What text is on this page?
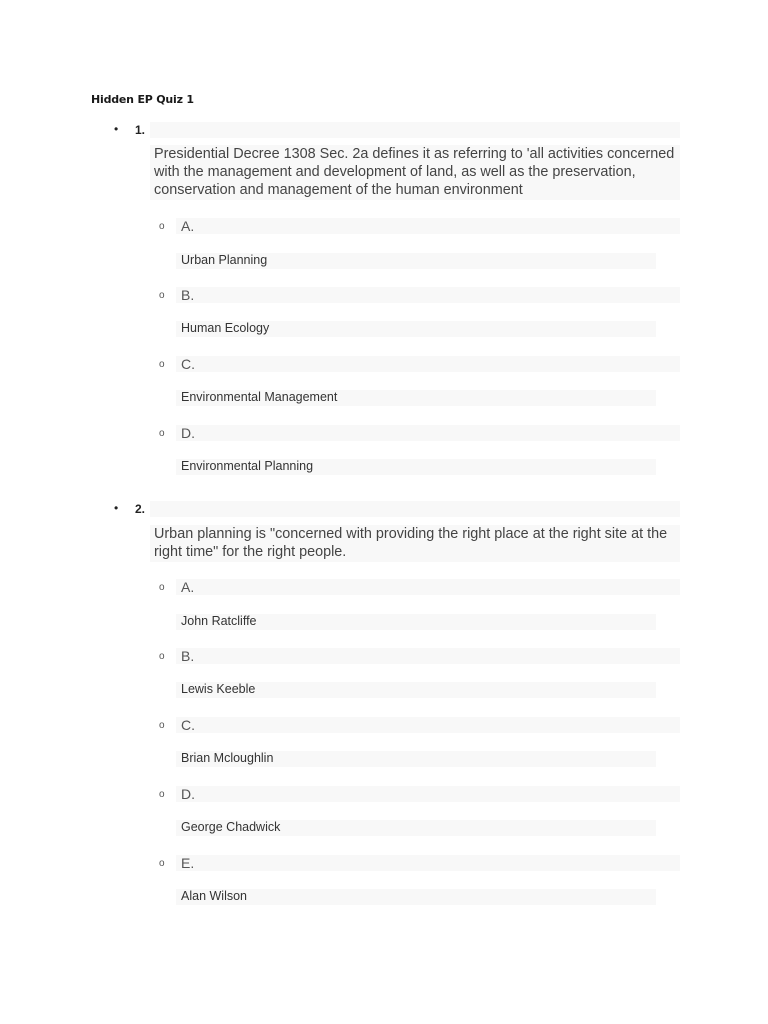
Hidden EP Quiz 1
• 1.
Presidential Decree 1308 Sec. 2a defines it as referring to 'all activities concerned with the management and development of land, as well as the preservation, conservation and management of the human environment
o A.
Urban Planning
o B.
Human Ecology
o C.
Environmental Management
o D.
Environmental Planning
• 2.
Urban planning is "concerned with providing the right place at the right site at the right time" for the right people.
o A.
John Ratcliffe
o B.
Lewis Keeble
o C.
Brian Mcloughlin
o D.
George Chadwick
o E.
Alan Wilson
